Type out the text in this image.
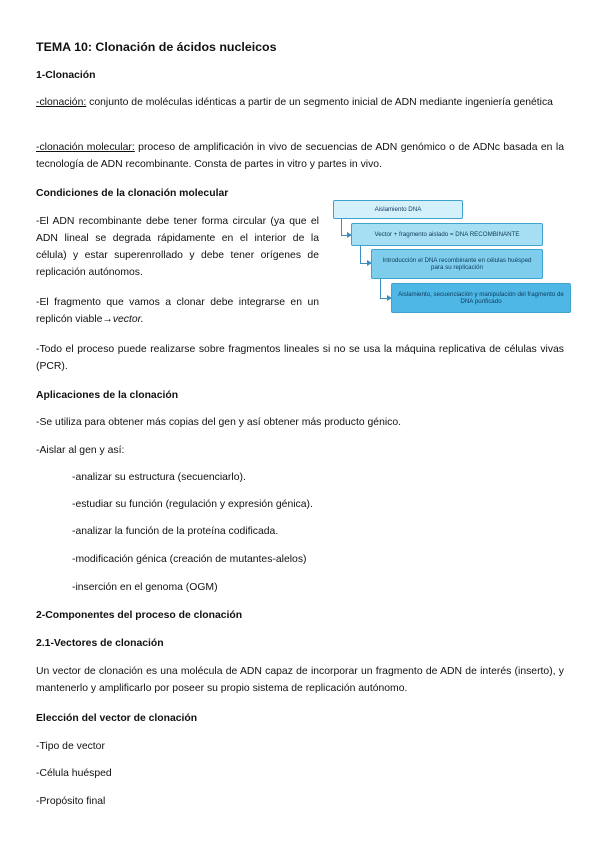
TEMA 10: Clonación de ácidos nucleicos
1-Clonación
-clonación: conjunto de moléculas idénticas a partir de un segmento inicial de ADN mediante ingeniería genética
-clonación molecular: proceso de amplificación in vivo de secuencias de ADN genómico o de ADNc basada en la tecnología de ADN recombinante. Consta de partes in vitro y partes in vivo.
Condiciones de la clonación molecular
-El ADN recombinante debe tener forma circular (ya que el ADN lineal se degrada rápidamente en el interior de la célula) y estar superenrollado y debe tener orígenes de replicación autónomos.
-El fragmento que vamos a clonar debe integrarse en un replicón viable→vector.
Aislamiento DNA
Vector + fragmento aislado = DNA RECOMBINANTE
Introducción el DNA recombinante en células huésped para su replicación
Aislamiento, secuenciación y manipulación del fragmento de DNA purificado
-Todo el proceso puede realizarse sobre fragmentos lineales si no se usa la máquina replicativa de células vivas (PCR).
Aplicaciones de la clonación
-Se utiliza para obtener más copias del gen y así obtener más producto génico.
-Aislar al gen y así:
-analizar su estructura (secuenciarlo).
-estudiar su función (regulación y expresión génica).
-analizar la función de la proteína codificada.
-modificación génica (creación de mutantes-alelos)
-inserción en el genoma (OGM)
2-Componentes del proceso de clonación
2.1-Vectores de clonación
Un vector de clonación es una molécula de ADN capaz de incorporar un fragmento de ADN de interés (inserto), y mantenerlo y amplificarlo por poseer su propio sistema de replicación autónomo.
Elección del vector de clonación
-Tipo de vector
-Célula huésped
-Propósito final
